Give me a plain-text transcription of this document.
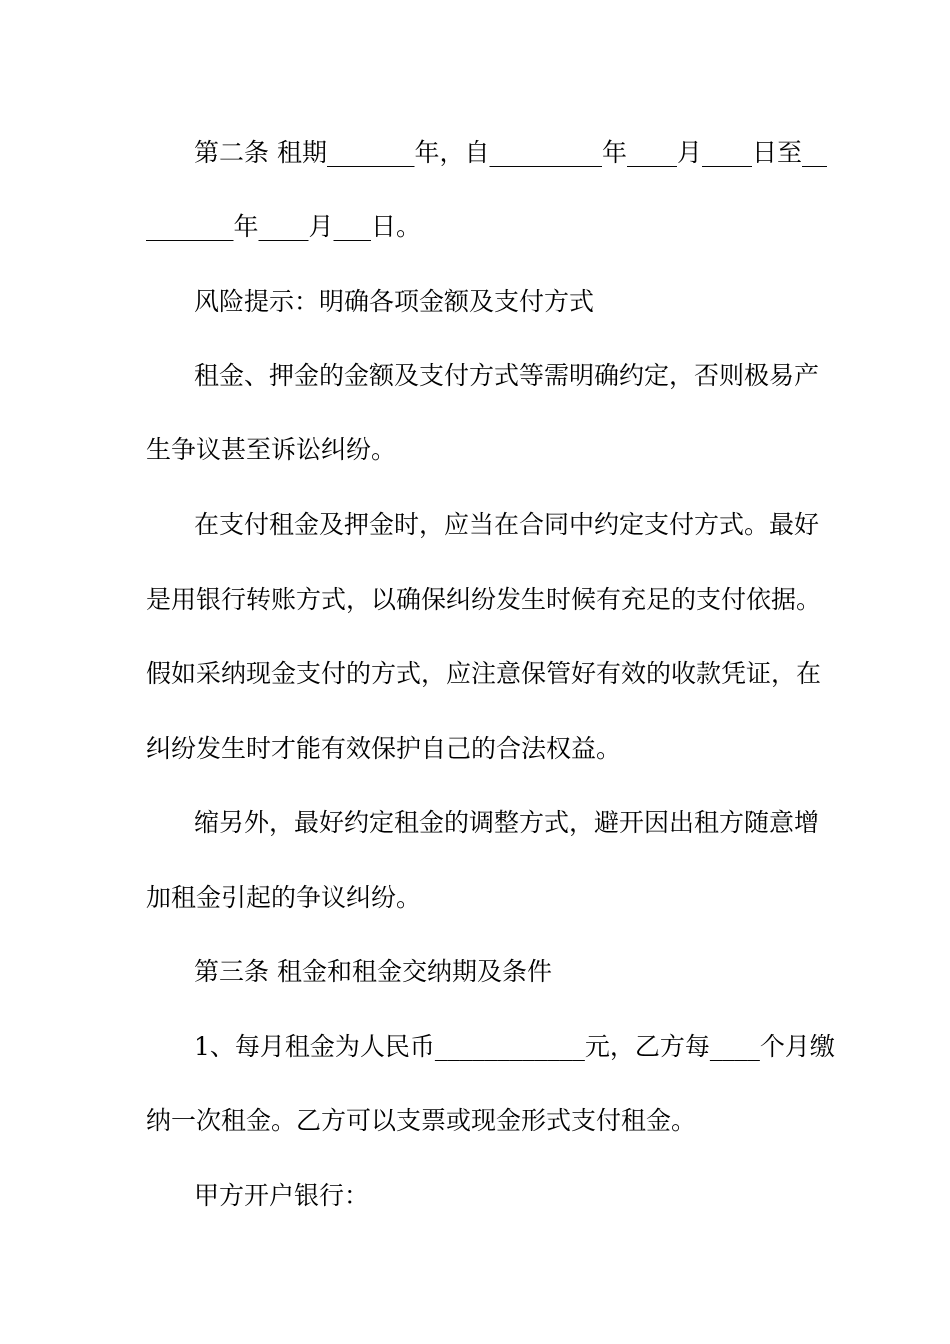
第二条 租期_______年，自_________年____月____日至__
_______年____月___日。
风险提示：明确各项金额及支付方式
租金、押金的金额及支付方式等需明确约定，否则极易产
生争议甚至诉讼纠纷。
在支付租金及押金时，应当在合同中约定支付方式。最好
是用银行转账方式，以确保纠纷发生时候有充足的支付依据。
假如采纳现金支付的方式，应注意保管好有效的收款凭证，在
纠纷发生时才能有效保护自己的合法权益。
缩另外，最好约定租金的调整方式，避开因出租方随意增
加租金引起的争议纠纷。
第三条 租金和租金交纳期及条件
1、每月租金为人民币____________元，乙方每____个月缴
纳一次租金。乙方可以支票或现金形式支付租金。
甲方开户银行：
